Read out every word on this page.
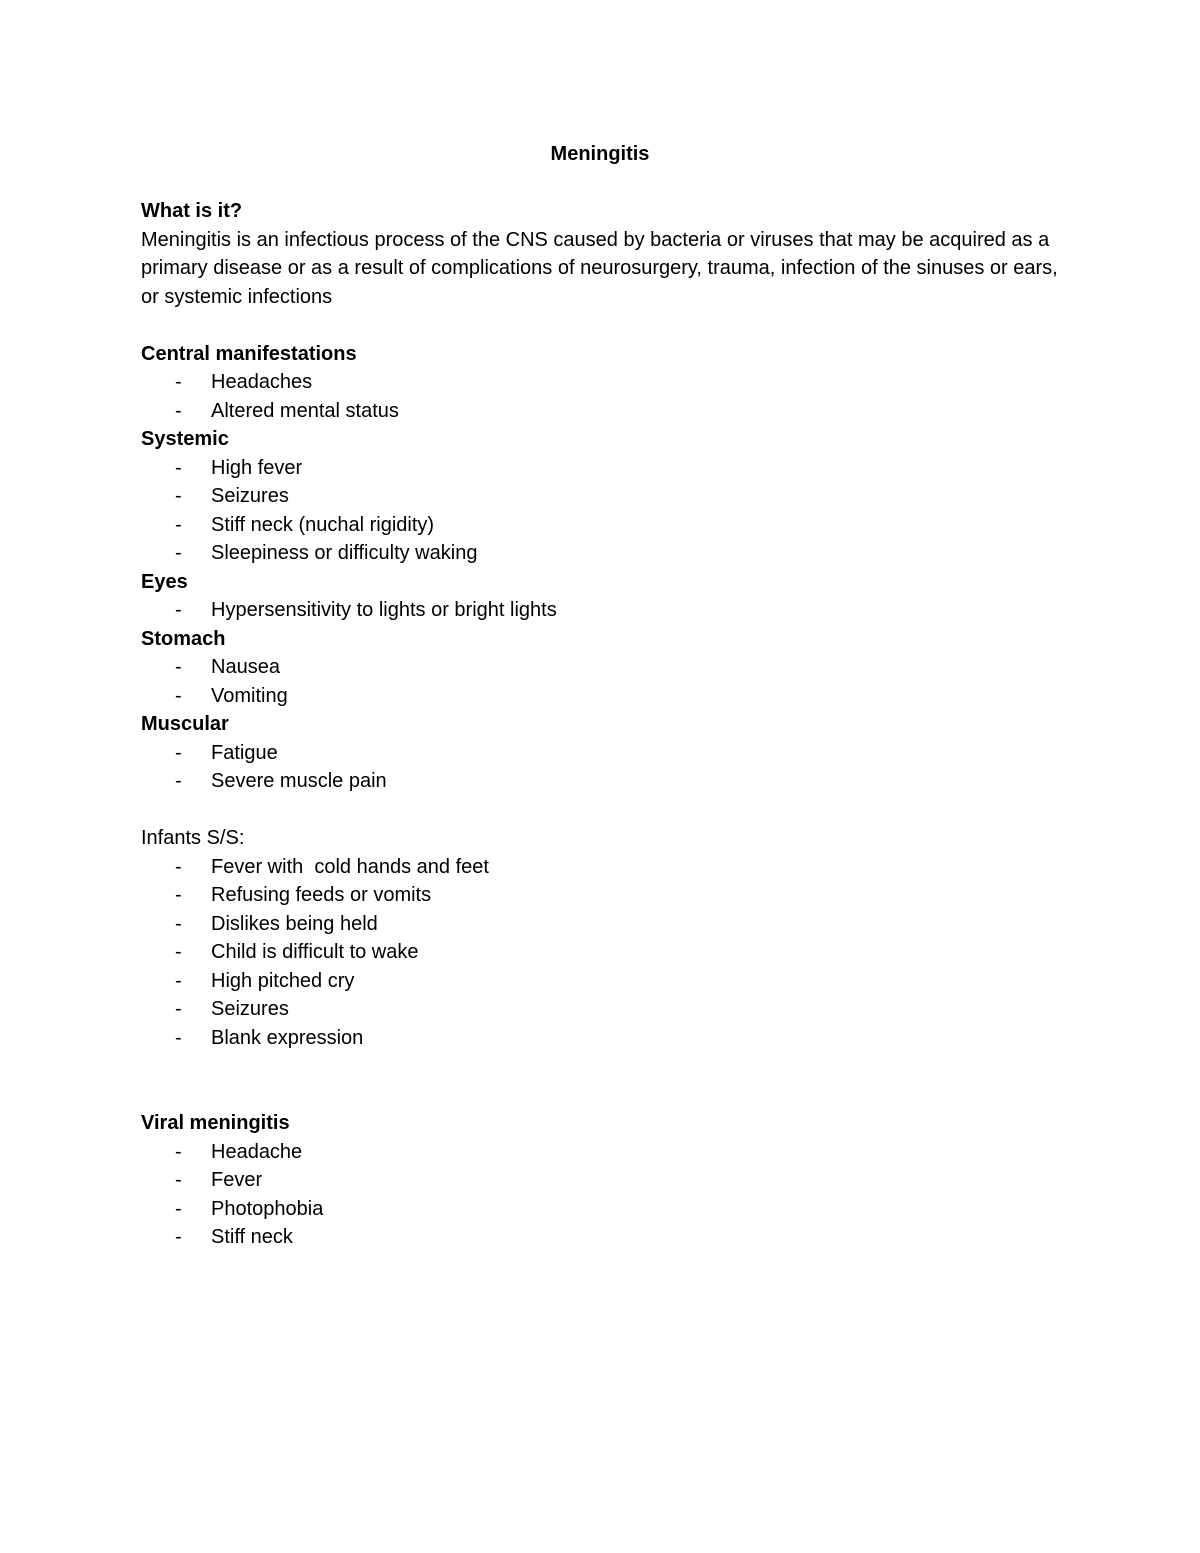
Meningitis

What is it?

Meningitis is an infectious process of the CNS caused by bacteria or viruses that may be acquired as a primary disease or as a result of complications of neurosurgery, trauma, infection of the sinuses or ears, or systemic infections

Central manifestations

- Headaches
- Altered mental status

Systemic

- High fever
- Seizures
- Stiff neck (nuchal rigidity)
- Sleepiness or difficulty waking

Eyes

- Hypersensitivity to lights or bright lights

Stomach

- Nausea
- Vomiting

Muscular

- Fatigue
- Severe muscle pain

Infants S/S:

- Fever with  cold hands and feet
- Refusing feeds or vomits
- Dislikes being held
- Child is difficult to wake
- High pitched cry
- Seizures
- Blank expression

Viral meningitis

- Headache
- Fever
- Photophobia
- Stiff neck
